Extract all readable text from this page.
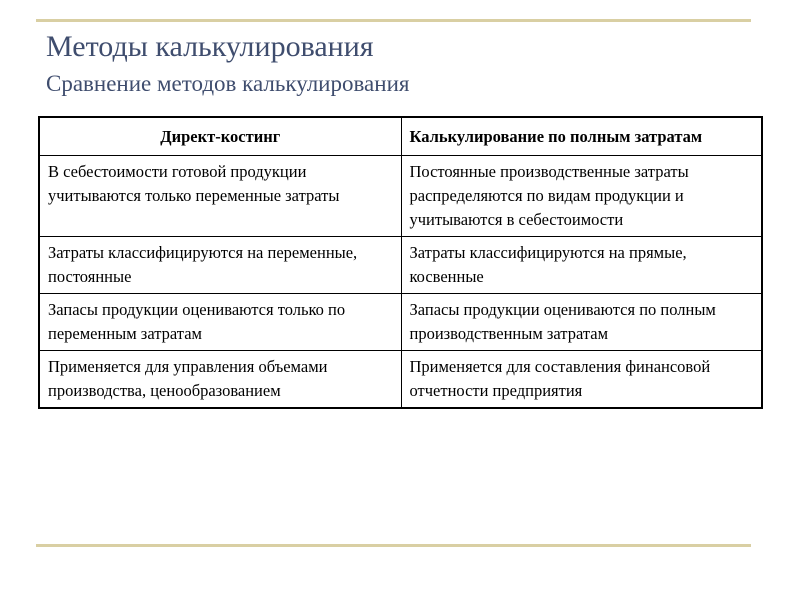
Методы калькулирования
Сравнение методов калькулирования
Директ-костинг	Калькулирование по полным затратам
В себестоимости готовой продукции учитываются только переменные затраты	Постоянные производственные затраты распределяются по видам продукции и учитываются в себестоимости
Затраты классифицируются на переменные, постоянные	Затраты классифицируются на прямые, косвенные
Запасы продукции оцениваются только по переменным затратам	Запасы продукции оцениваются по полным производственным затратам
Применяется для управления объемами производства, ценообразованием	Применяется для составления финансовой отчетности предприятия
